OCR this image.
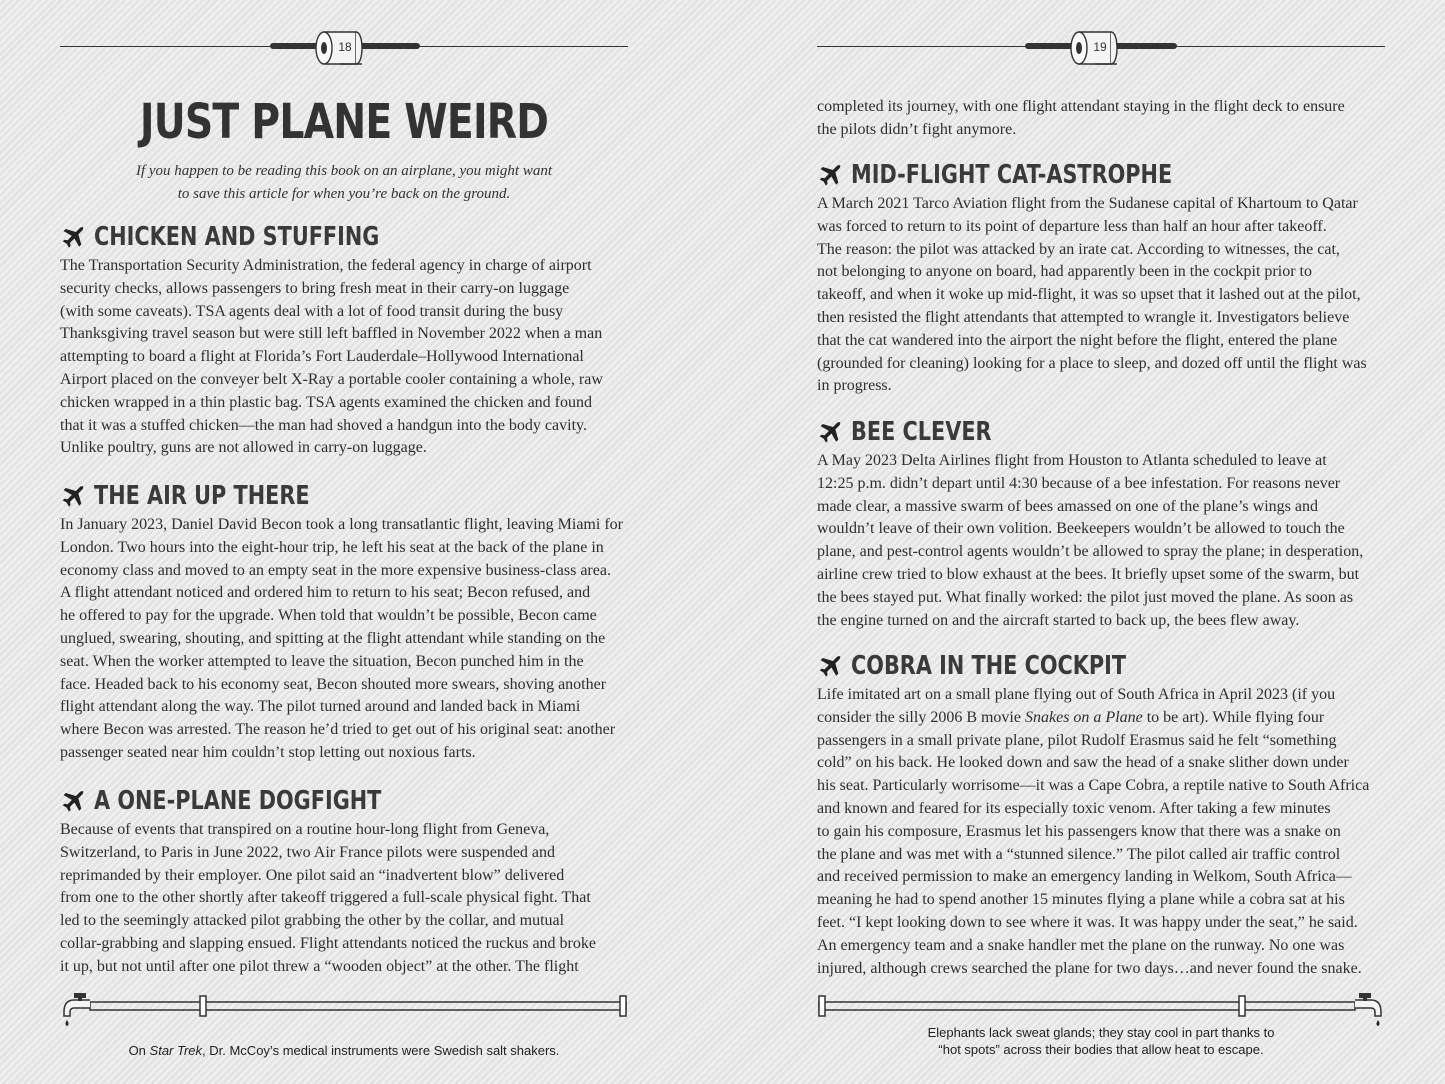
18
JUST PLANE WEIRD

If you happen to be reading this book on an airplane, you might want
to save this article for when you’re back on the ground.

CHICKEN AND STUFFING

The Transportation Security Administration, the federal agency in charge of airport
security checks, allows passengers to bring fresh meat in their carry-on luggage
(with some caveats). TSA agents deal with a lot of food transit during the busy
Thanksgiving travel season but were still left baffled in November 2022 when a man
attempting to board a flight at Florida’s Fort Lauderdale–Hollywood International
Airport placed on the conveyer belt X-Ray a portable cooler containing a whole, raw
chicken wrapped in a thin plastic bag. TSA agents examined the chicken and found
that it was a stuffed chicken—the man had shoved a handgun into the body cavity.
Unlike poultry, guns are not allowed in carry-on luggage.

THE AIR UP THERE

In January 2023, Daniel David Becon took a long transatlantic flight, leaving Miami for
London. Two hours into the eight-hour trip, he left his seat at the back of the plane in
economy class and moved to an empty seat in the more expensive business-class area.
A flight attendant noticed and ordered him to return to his seat; Becon refused, and
he offered to pay for the upgrade. When told that wouldn’t be possible, Becon came
unglued, swearing, shouting, and spitting at the flight attendant while standing on the
seat. When the worker attempted to leave the situation, Becon punched him in the
face. Headed back to his economy seat, Becon shouted more swears, shoving another
flight attendant along the way. The pilot turned around and landed back in Miami
where Becon was arrested. The reason he’d tried to get out of his original seat: another
passenger seated near him couldn’t stop letting out noxious farts.

A ONE-PLANE DOGFIGHT

Because of events that transpired on a routine hour-long flight from Geneva,
Switzerland, to Paris in June 2022, two Air France pilots were suspended and
reprimanded by their employer. One pilot said an “inadvertent blow” delivered
from one to the other shortly after takeoff triggered a full-scale physical fight. That
led to the seemingly attacked pilot grabbing the other by the collar, and mutual
collar-grabbing and slapping ensued. Flight attendants noticed the ruckus and broke
it up, but not until after one pilot threw a “wooden object” at the other. The flight

On Star Trek, Dr. McCoy’s medical instruments were Swedish salt shakers.
19

completed its journey, with one flight attendant staying in the flight deck to ensure
the pilots didn’t fight anymore.

MID-FLIGHT CAT-ASTROPHE

A March 2021 Tarco Aviation flight from the Sudanese capital of Khartoum to Qatar
was forced to return to its point of departure less than half an hour after takeoff.
The reason: the pilot was attacked by an irate cat. According to witnesses, the cat,
not belonging to anyone on board, had apparently been in the cockpit prior to
takeoff, and when it woke up mid-flight, it was so upset that it lashed out at the pilot,
then resisted the flight attendants that attempted to wrangle it. Investigators believe
that the cat wandered into the airport the night before the flight, entered the plane
(grounded for cleaning) looking for a place to sleep, and dozed off until the flight was
in progress.

BEE CLEVER

A May 2023 Delta Airlines flight from Houston to Atlanta scheduled to leave at
12:25 p.m. didn’t depart until 4:30 because of a bee infestation. For reasons never
made clear, a massive swarm of bees amassed on one of the plane’s wings and
wouldn’t leave of their own volition. Beekeepers wouldn’t be allowed to touch the
plane, and pest-control agents wouldn’t be allowed to spray the plane; in desperation,
airline crew tried to blow exhaust at the bees. It briefly upset some of the swarm, but
the bees stayed put. What finally worked: the pilot just moved the plane. As soon as
the engine turned on and the aircraft started to back up, the bees flew away.

COBRA IN THE COCKPIT

Life imitated art on a small plane flying out of South Africa in April 2023 (if you
consider the silly 2006 B movie Snakes on a Plane to be art). While flying four
passengers in a small private plane, pilot Rudolf Erasmus said he felt “something
cold” on his back. He looked down and saw the head of a snake slither down under
his seat. Particularly worrisome—it was a Cape Cobra, a reptile native to South Africa
and known and feared for its especially toxic venom. After taking a few minutes
to gain his composure, Erasmus let his passengers know that there was a snake on
the plane and was met with a “stunned silence.” The pilot called air traffic control
and received permission to make an emergency landing in Welkom, South Africa—
meaning he had to spend another 15 minutes flying a plane while a cobra sat at his
feet. “I kept looking down to see where it was. It was happy under the seat,” he said.
An emergency team and a snake handler met the plane on the runway. No one was
injured, although crews searched the plane for two days…and never found the snake.

Elephants lack sweat glands; they stay cool in part thanks to
“hot spots” across their bodies that allow heat to escape.
